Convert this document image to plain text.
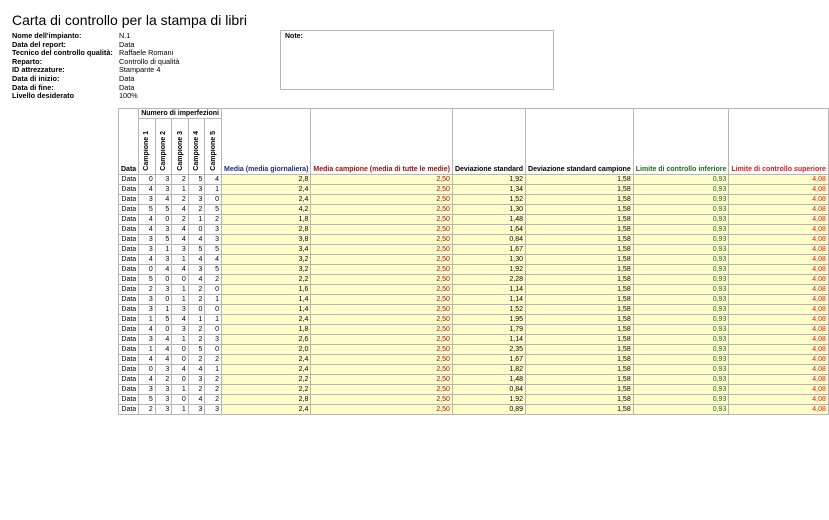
Carta di controllo per la stampa di libri
Nome dell'impianto:	N.1
Data del report:	Data
Tecnico del controllo qualità: Raffaele Romani
Reparto:	Controllo di qualità
ID attrezzature:	Stampante 4
Data di inizio:	Data
Data di fine:	Data
Livello desiderato	100%
Note:
Data	Numero di imperfezioni					Media (media giornaliera)	Media campione (media di tutte le medie)	Deviazione standard	Deviazione standard campione	Limite di controllo inferiore	Limite di controllo superiore
	Campione 1	Campione 2	Campione 3	Campione 4	Campione 5						
Data	0	3	2	5	4	2,8	2,50	1,92	1,58	0,93	4,08
Data	4	3	1	3	1	2,4	2,50	1,34	1,58	0,93	4,08
Data	3	4	2	3	0	2,4	2,50	1,52	1,58	0,93	4,08
Data	5	5	4	2	5	4,2	2,50	1,30	1,58	0,93	4,08
Data	4	0	2	1	2	1,8	2,50	1,48	1,58	0,93	4,08
Data	4	3	4	0	3	2,8	2,50	1,64	1,58	0,93	4,08
Data	3	5	4	4	3	3,8	2,50	0,84	1,58	0,93	4,08
Data	3	1	3	5	5	3,4	2,50	1,67	1,58	0,93	4,08
Data	4	3	1	4	4	3,2	2,50	1,30	1,58	0,93	4,08
Data	0	4	4	3	5	3,2	2,50	1,92	1,58	0,93	4,08
Data	5	0	0	4	2	2,2	2,50	2,28	1,58	0,93	4,08
Data	2	3	1	2	0	1,6	2,50	1,14	1,58	0,93	4,08
Data	3	0	1	2	1	1,4	2,50	1,14	1,58	0,93	4,08
Data	3	1	3	0	0	1,4	2,50	1,52	1,58	0,93	4,08
Data	1	5	4	1	1	2,4	2,50	1,95	1,58	0,93	4,08
Data	4	0	3	2	0	1,8	2,50	1,79	1,58	0,93	4,08
Data	3	4	1	2	3	2,6	2,50	1,14	1,58	0,93	4,08
Data	1	4	0	5	0	2,0	2,50	2,35	1,58	0,93	4,08
Data	4	4	0	2	2	2,4	2,50	1,67	1,58	0,93	4,08
Data	0	3	4	4	1	2,4	2,50	1,82	1,58	0,93	4,08
Data	4	2	0	3	2	2,2	2,50	1,48	1,58	0,93	4,08
Data	3	3	1	2	2	2,2	2,50	0,84	1,58	0,93	4,08
Data	5	3	0	4	2	2,8	2,50	1,92	1,58	0,93	4,08
Data	2	3	1	3	3	2,4	2,50	0,89	1,58	0,93	4,08
